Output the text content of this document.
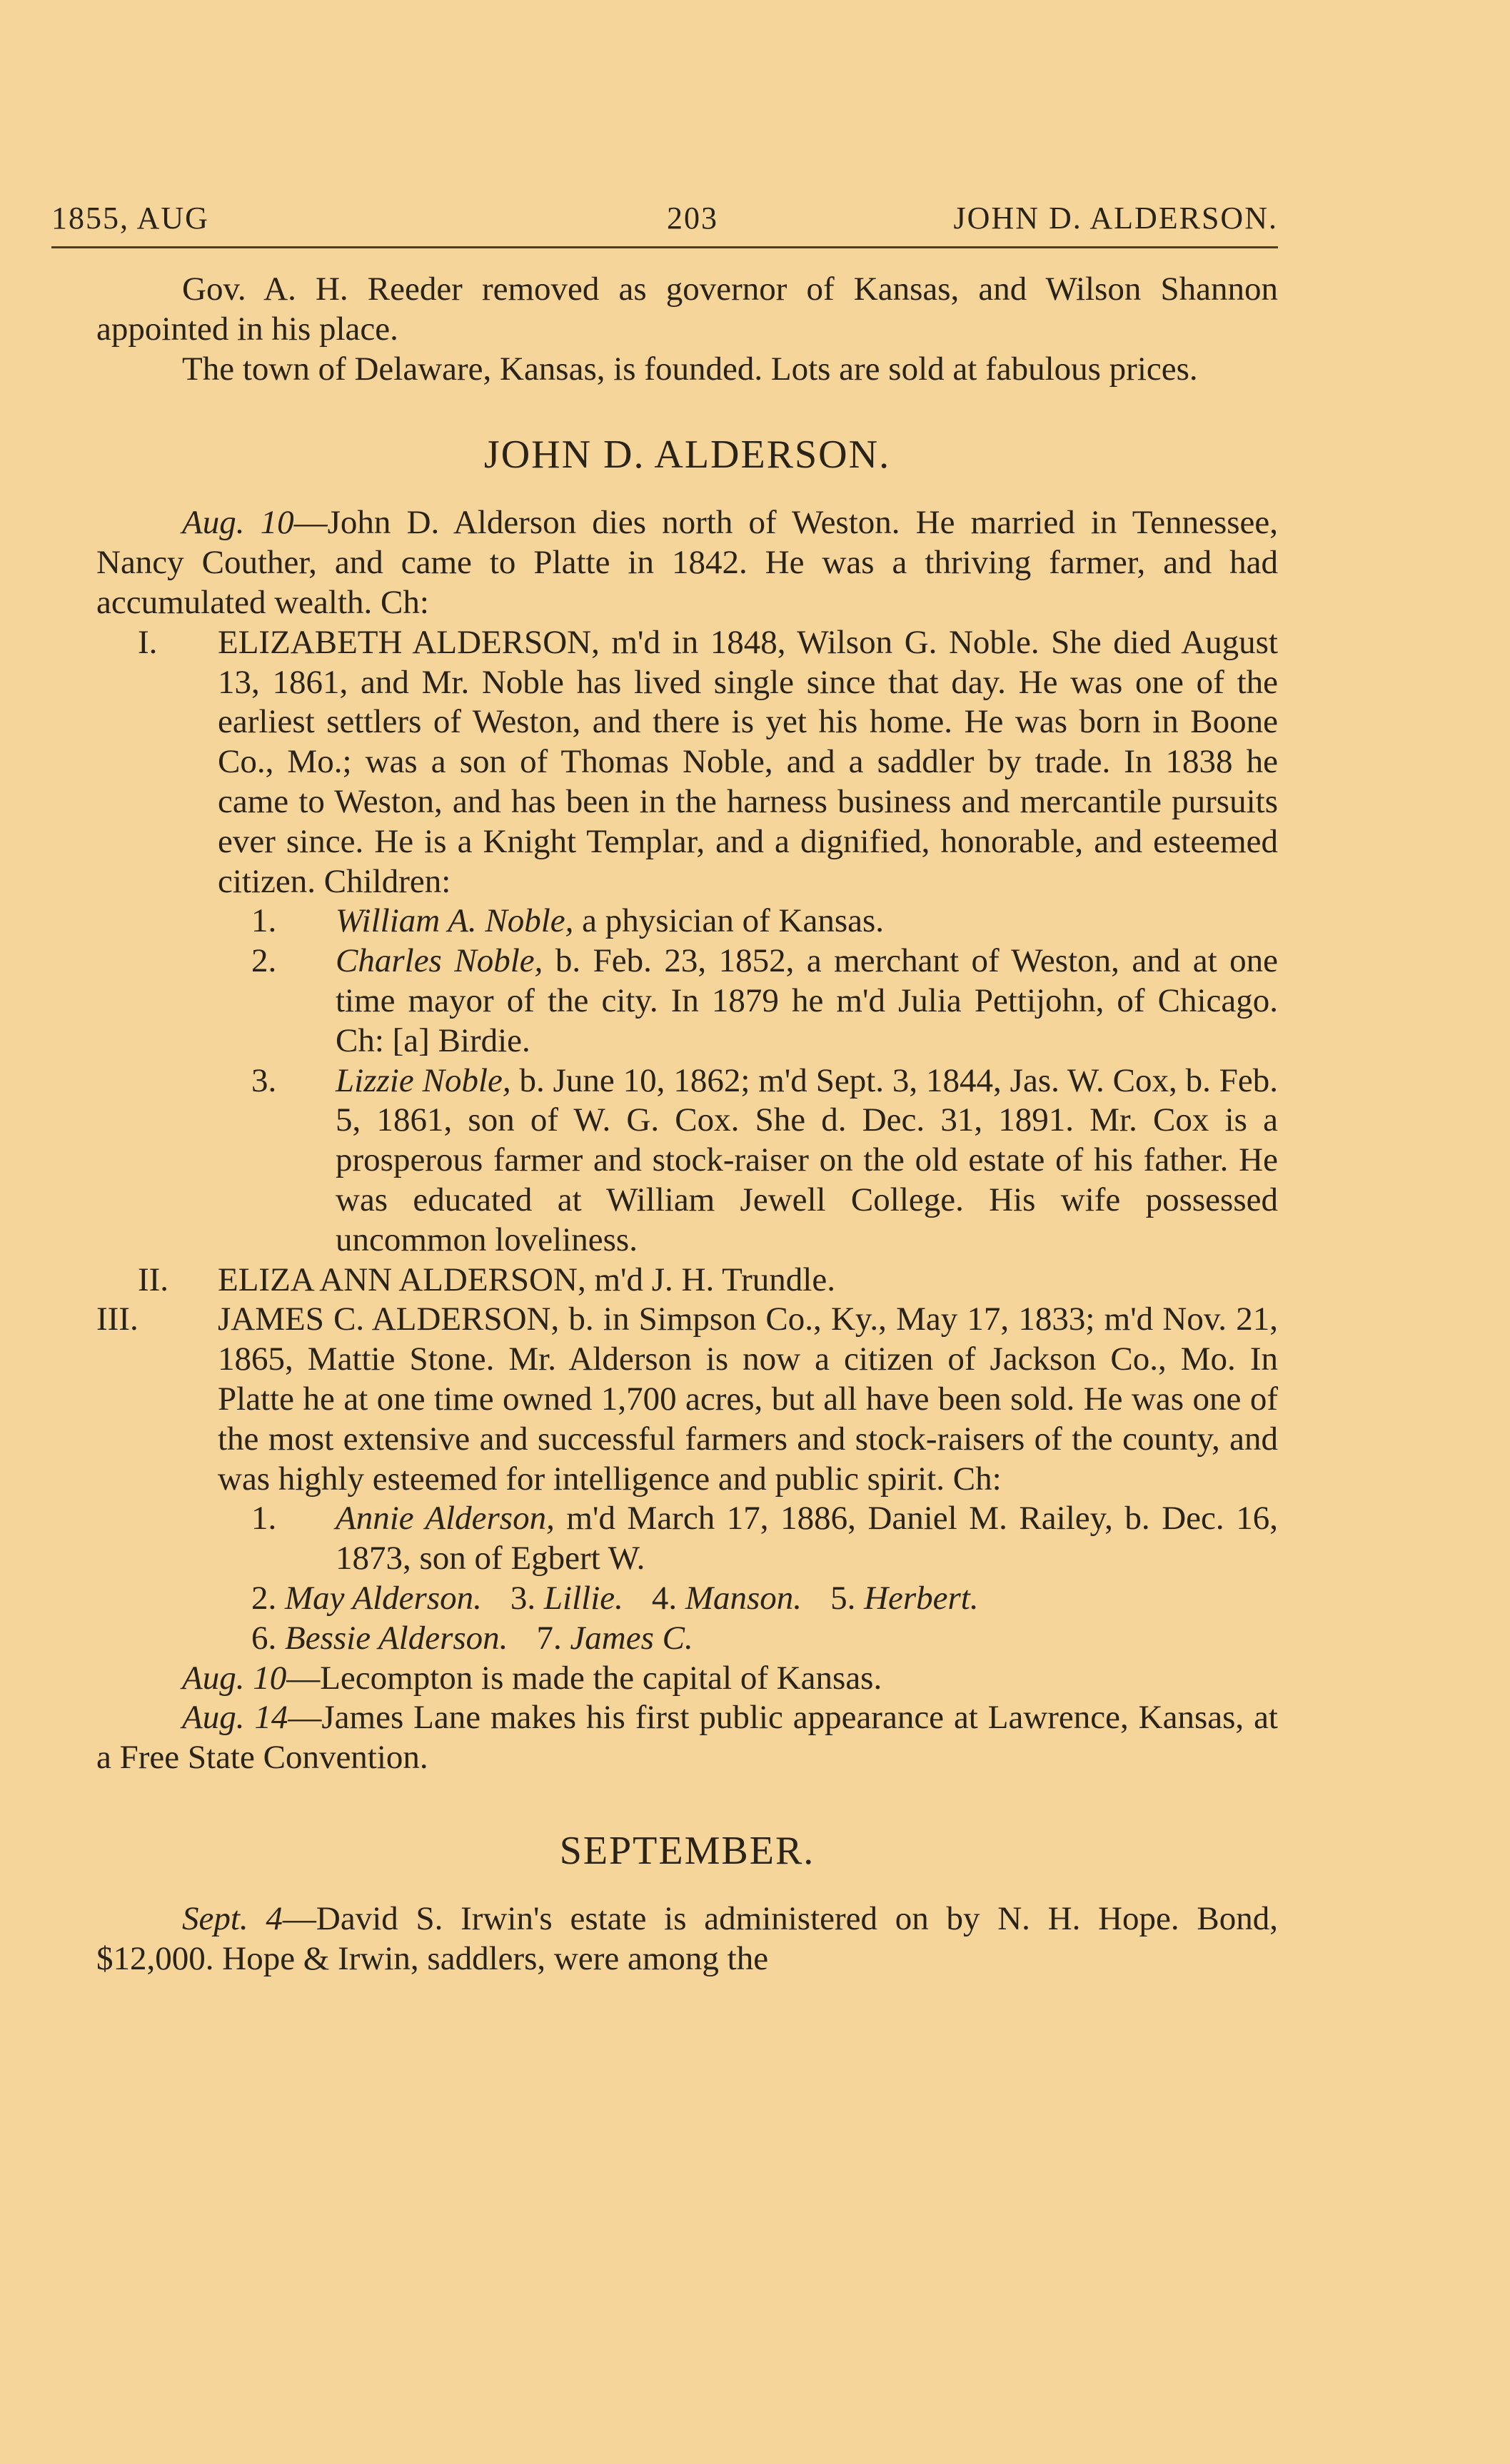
1855, AUG	203	JOHN D. ALDERSON.

Gov. A. H. Reeder removed as governor of Kansas, and Wilson Shannon appointed in his place.

The town of Delaware, Kansas, is founded. Lots are sold at fabulous prices.

JOHN D. ALDERSON.

Aug. 10—John D. Alderson dies north of Weston. He married in Tennessee, Nancy Couther, and came to Platte in 1842. He was a thriving farmer, and had accumulated wealth. Ch:

I. ELIZABETH ALDERSON, m'd in 1848, Wilson G. Noble. She died August 13, 1861, and Mr. Noble has lived single since that day. He was one of the earliest settlers of Weston, and there is yet his home. He was born in Boone Co., Mo.; was a son of Thomas Noble, and a saddler by trade. In 1838 he came to Weston, and has been in the harness business and mercantile pursuits ever since. He is a Knight Templar, and a dignified, honorable, and esteemed citizen. Children:

1. William A. Noble, a physician of Kansas.

2. Charles Noble, b. Feb. 23, 1852, a merchant of Weston, and at one time mayor of the city. In 1879 he m'd Julia Pettijohn, of Chicago. Ch: [a] Birdie.

3. Lizzie Noble, b. June 10, 1862; m'd Sept. 3, 1844, Jas. W. Cox, b. Feb. 5, 1861, son of W. G. Cox. She d. Dec. 31, 1891. Mr. Cox is a prosperous farmer and stock-raiser on the old estate of his father. He was educated at William Jewell College. His wife possessed uncommon loveliness.

II. ELIZA ANN ALDERSON, m'd J. H. Trundle.

III. JAMES C. ALDERSON, b. in Simpson Co., Ky., May 17, 1833; m'd Nov. 21, 1865, Mattie Stone. Mr. Alderson is now a citizen of Jackson Co., Mo. In Platte he at one time owned 1,700 acres, but all have been sold. He was one of the most extensive and successful farmers and stock-raisers of the county, and was highly esteemed for intelligence and public spirit. Ch:

1. Annie Alderson, m'd March 17, 1886, Daniel M. Railey, b. Dec. 16, 1873, son of Egbert W.

2. May Alderson. 3. Lillie. 4. Manson. 5. Herbert.
6. Bessie Alderson. 7. James C.

Aug. 10—Lecompton is made the capital of Kansas.

Aug. 14—James Lane makes his first public appearance at Lawrence, Kansas, at a Free State Convention.

SEPTEMBER.

Sept. 4—David S. Irwin's estate is administered on by N. H. Hope. Bond, $12,000. Hope & Irwin, saddlers, were among the
